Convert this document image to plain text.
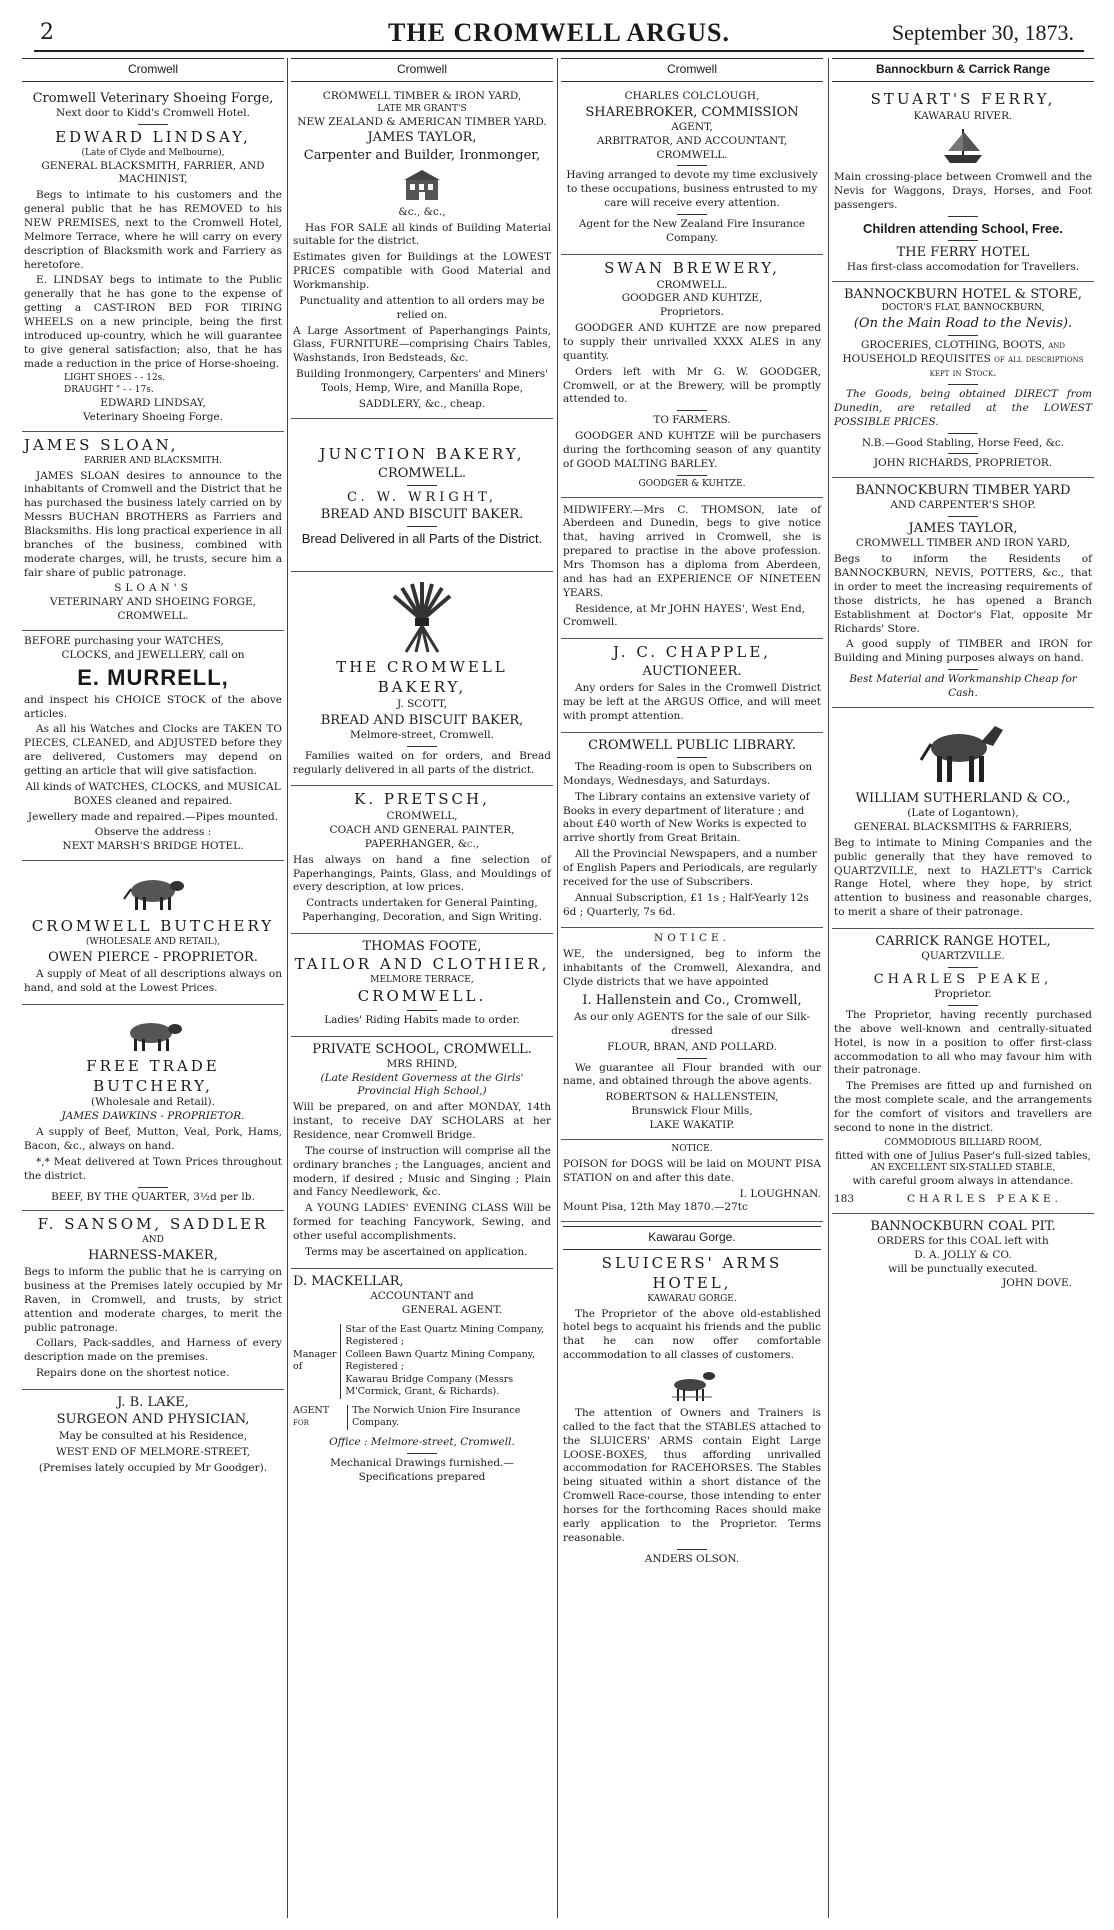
2	THE CROMWELL ARGUS.	September 30, 1873.
Cromwell
Cromwell Veterinary Shoeing Forge,
Next door to Kidd's Cromwell Hotel.
EDWARD LINDSAY,
(Late of Clyde and Melbourne),
GENERAL BLACKSMITH, FARRIER, AND MACHINIST,

Begs to intimate to his customers and the general public that he has REMOVED to his NEW PREMISES, next to the Cromwell Hotel, Melmore Terrace, where he will carry on every description of Blacksmith work and Farriery as heretofore.

E. LINDSAY begs to intimate to the Public generally that he has gone to the expense of getting a CAST-IRON BED FOR TIRING WHEELS on a new principle, being the first introduced up-country, which he will guarantee to give general satisfaction; also, that he has made a reduction in the price of Horse-shoeing.

LIGHT SHOES - - 12s.
DRAUGHT " - - 17s.
EDWARD LINDSAY,
Veterinary Shoeing Forge.
JAMES SLOAN,
FARRIER AND BLACKSMITH.

JAMES SLOAN desires to announce to the inhabitants of Cromwell and the District that he has purchased the business lately carried on by Messrs BUCHAN BROTHERS as Farriers and Blacksmiths. His long practical experience in all branches of the business, combined with moderate charges, will, he trusts, secure him a fair share of public patronage.

SLOAN'S
VETERINARY AND SHOEING FORGE,
CROMWELL.
BEFORE purchasing your WATCHES,
CLOCKS, and JEWELLERY, call on
E. MURRELL,

and inspect his CHOICE STOCK of the above articles.

As all his Watches and Clocks are TAKEN TO PIECES, CLEANED, and ADJUSTED before they are delivered, Customers may depend on getting an article that will give satisfaction.

All kinds of WATCHES, CLOCKS, and MUSICAL BOXES cleaned and repaired.

Jewellery made and repaired.—Pipes mounted.

Observe the address :
NEXT MARSH'S BRIDGE HOTEL.
CROMWELL BUTCHERY
(WHOLESALE AND RETAIL),
OWEN PIERCE - PROPRIETOR.

A supply of Meat of all descriptions always on hand, and sold at the Lowest Prices.

FREE TRADE BUTCHERY,
(Wholesale and Retail).
JAMES DAWKINS - PROPRIETOR.

A supply of Beef, Mutton, Veal, Pork, Hams, Bacon, &c., always on hand.

*,* Meat delivered at Town Prices throughout the district.

BEEF, BY THE QUARTER, 3½d per lb.
F. SANSOM, SADDLER
AND
HARNESS-MAKER,

Begs to inform the public that he is carrying on business at the Premises lately occupied by Mr Raven, in Cromwell, and trusts, by strict attention and moderate charges, to merit the public patronage.

Collars, Pack-saddles, and Harness of every description made on the premises.

Repairs done on the shortest notice.

J. B. LAKE,
SURGEON AND PHYSICIAN,

May be consulted at his Residence,

WEST END OF MELMORE-STREET,

(Premises lately occupied by Mr Goodger).

Cromwell
CROMWELL TIMBER & IRON YARD,
LATE MR GRANT'S
NEW ZEALAND & AMERICAN TIMBER YARD.
JAMES TAYLOR,
Carpenter and Builder, Ironmonger,
&c., &c.,

Has FOR SALE all kinds of Building Material suitable for the district.

Estimates given for Buildings at the LOWEST PRICES compatible with Good Material and Workmanship.

Punctuality and attention to all orders may be relied on.

A Large Assortment of Paperhangings Paints, Glass, FURNITURE—comprising Chairs Tables, Washstands, Iron Bedsteads, &c.

Building Ironmongery, Carpenters' and Miners' Tools, Hemp, Wire, and Manilla Rope,

SADDLERY, &c., cheap.
JUNCTION BAKERY,
CROMWELL.
C. W. WRIGHT,
BREAD AND BISCUIT BAKER.
Bread Delivered in all Parts of the District.
THE CROMWELL BAKERY,
J. SCOTT,
BREAD AND BISCUIT BAKER,
Melmore-street, Cromwell.

Families waited on for orders, and Bread regularly delivered in all parts of the district.

K. PRETSCH,
CROMWELL,
COACH AND GENERAL PAINTER,
PAPERHANGER, &c.,

Has always on hand a fine selection of Paperhangings, Paints, Glass, and Mouldings of every description, at low prices.

Contracts undertaken for General Painting, Paperhanging, Decoration, and Sign Writing.

THOMAS FOOTE,
TAILOR AND CLOTHIER,
MELMORE TERRACE,
CROMWELL.

Ladies' Riding Habits made to order.

PRIVATE SCHOOL, CROMWELL.
MRS RHIND,
(Late Resident Governess at the Girls' Provincial High School,)

Will be prepared, on and after MONDAY, 14th instant, to receive DAY SCHOLARS at her Residence, near Cromwell Bridge.

The course of instruction will comprise all the ordinary branches ; the Languages, ancient and modern, if desired ; Music and Singing ; Plain and Fancy Needlework, &c.

A YOUNG LADIES' EVENING CLASS Will be formed for teaching Fancywork, Sewing, and other useful accomplishments.

Terms may be ascertained on application.

D. MACKELLAR,
ACCOUNTANT and
GENERAL AGENT.
Manager of
Star of the East Quartz Mining Company, Registered ;
Colleen Bawn Quartz Mining Company, Registered ;
Kawarau Bridge Company (Messrs M'Cormick, Grant, & Richards).
AGENT for
The Norwich Union Fire Insurance Company.
Office : Melmore-street, Cromwell.
Mechanical Drawings furnished.—Specifications prepared
Cromwell
CHARLES COLCLOUGH,
SHAREBROKER, COMMISSION
AGENT,
ARBITRATOR, AND ACCOUNTANT,
CROMWELL.

Having arranged to devote my time exclusively to these occupations, business entrusted to my care will receive every attention.

Agent for the New Zealand Fire Insurance Company.

SWAN BREWERY,
CROMWELL.
GOODGER AND KUHTZE,
Proprietors.

GOODGER AND KUHTZE are now prepared to supply their unrivalled XXXX ALES in any quantity.

Orders left with Mr G. W. GOODGER, Cromwell, or at the Brewery, will be promptly attended to.

TO FARMERS.

GOODGER AND KUHTZE will be purchasers during the forthcoming season of any quantity of GOOD MALTING BARLEY.

GOODGER & KUHTZE.

MIDWIFERY.—Mrs C. THOMSON, late of Aberdeen and Dunedin, begs to give notice that, having arrived in Cromwell, she is prepared to practise in the above profession. Mrs Thomson has a diploma from Aberdeen, and has had an EXPERIENCE OF NINETEEN YEARS.

Residence, at Mr JOHN HAYES', West End, Cromwell.

J. C. CHAPPLE,
AUCTIONEER.

Any orders for Sales in the Cromwell District may be left at the ARGUS Office, and will meet with prompt attention.

CROMWELL PUBLIC LIBRARY.

The Reading-room is open to Subscribers on Mondays, Wednesdays, and Saturdays.

The Library contains an extensive variety of Books in every department of literature ; and about £40 worth of New Works is expected to arrive shortly from Great Britain.

All the Provincial Newspapers, and a number of English Papers and Periodicals, are regularly received for the use of Subscribers.

Annual Subscription, £1 1s ; Half-Yearly 12s 6d ; Quarterly, 7s 6d.

NOTICE.

WE, the undersigned, beg to inform the inhabitants of the Cromwell, Alexandra, and Clyde districts that we have appointed

I. Hallenstein and Co., Cromwell,

As our only AGENTS for the sale of our Silk-dressed

FLOUR, BRAN, AND POLLARD.

We guarantee all Flour branded with our name, and obtained through the above agents.

ROBERTSON & HALLENSTEIN,
Brunswick Flour Mills,
LAKE WAKATIP.
NOTICE.

POISON for DOGS will be laid on MOUNT PISA STATION on and after this date.

I. LOUGHNAN.
Mount Pisa, 12th May 1870.—27tc
Kawarau Gorge.
SLUICERS' ARMS HOTEL,
KAWARAU GORGE.

The Proprietor of the above old-established hotel begs to acquaint his friends and the public that he can now offer comfortable accommodation to all classes of customers.

The attention of Owners and Trainers is called to the fact that the STABLES attached to the SLUICERS' ARMS contain Eight Large LOOSE-BOXES, thus affording unrivalled accommodation for RACEHORSES. The Stables being situated within a short distance of the Cromwell Race-course, those intending to enter horses for the forthcoming Races should make early application to the Proprietor. Terms reasonable.

ANDERS OLSON.
Bannockburn & Carrick Range
STUART'S FERRY,
KAWARAU RIVER.

Main crossing-place between Cromwell and the Nevis for Waggons, Drays, Horses, and Foot passengers.

Children attending School, Free.
THE FERRY HOTEL
Has first-class accomodation for Travellers.
BANNOCKBURN HOTEL & STORE,
DOCTOR'S FLAT, BANNOCKBURN,
(On the Main Road to the Nevis).

GROCERIES, CLOTHING, BOOTS, and HOUSEHOLD REQUISITES of all descriptions kept in Stock.

The Goods, being obtained DIRECT from Dunedin, are retailed at the LOWEST POSSIBLE PRICES.

N.B.—Good Stabling, Horse Feed, &c.

JOHN RICHARDS, PROPRIETOR.
BANNOCKBURN TIMBER YARD
AND CARPENTER'S SHOP.
JAMES TAYLOR,
CROMWELL TIMBER AND IRON YARD,

Begs to inform the Residents of BANNOCKBURN, NEVIS, POTTERS, &c., that in order to meet the increasing requirements of those districts, he has opened a Branch Establishment at Doctor's Flat, opposite Mr Richards' Store.

A good supply of TIMBER and IRON for Building and Mining purposes always on hand.

Best Material and Workmanship Cheap for Cash.
WILLIAM SUTHERLAND & CO.,
(Late of Logantown),
GENERAL BLACKSMITHS & FARRIERS,

Beg to intimate to Mining Companies and the public generally that they have removed to QUARTZVILLE, next to HAZLETT's Carrick Range Hotel, where they hope, by strict attention to business and reasonable charges, to merit a share of their patronage.

CARRICK RANGE HOTEL,
QUARTZVILLE.
CHARLES PEAKE,
Proprietor.

The Proprietor, having recently purchased the above well-known and centrally-situated Hotel, is now in a position to offer first-class accommodation to all who may favour him with their patronage.

The Premises are fitted up and furnished on the most complete scale, and the arrangements for the comfort of visitors and travellers are second to none in the district.

COMMODIOUS BILLIARD ROOM,
fitted with one of Julius Paser's full-sized tables,
AN EXCELLENT SIX-STALLED STABLE,
with careful groom always in attendance.
183	CHARLES PEAKE.
BANNOCKBURN COAL PIT.
ORDERS for this COAL left with
D. A. JOLLY & CO.
will be punctually executed.
JOHN DOVE.
